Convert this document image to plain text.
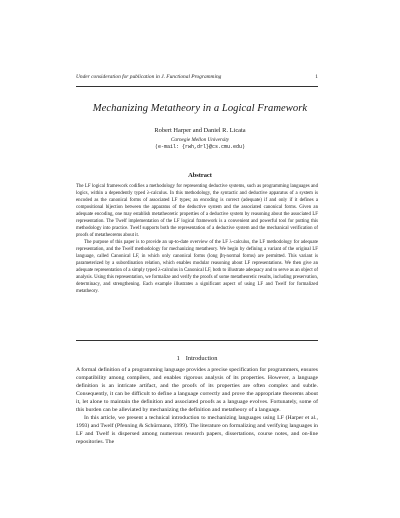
Under consideration for publication in J. Functional Programming	1
Mechanizing Metatheory in a Logical Framework
Robert Harper and Daniel R. Licata
Carnegie Mellon University
(e-mail: {rwh,drl}@cs.cmu.edu)
Abstract

The LF logical framework codifies a methodology for representing deductive systems, such as programming languages and logics, within a dependently typed λ-calculus. In this methodology, the syntactic and deductive apparatus of a system is encoded as the canonical forms of associated LF types; an encoding is correct (adequate) if and only if it defines a compositional bijection between the apparatus of the deductive system and the associated canonical forms. Given an adequate encoding, one may establish metatheoretic properties of a deductive system by reasoning about the associated LF representation. The Twelf implementation of the LF logical framework is a convenient and powerful tool for putting this methodology into practice. Twelf supports both the representation of a deductive system and the mechanical verification of proofs of metatheorems about it.

The purpose of this paper is to provide an up-to-date overview of the LF λ-calculus, the LF methodology for adequate representation, and the Twelf methodology for mechanizing metatheory. We begin by defining a variant of the original LF language, called Canonical LF, in which only canonical forms (long βη-normal forms) are permitted. This variant is parameterized by a subordination relation, which enables modular reasoning about LF representations. We then give an adequate representation of a simply typed λ-calculus in Canonical LF, both to illustrate adequacy and to serve as an object of analysis. Using this representation, we formalize and verify the proofs of some metatheoretic results, including preservation, determinacy, and strengthening. Each example illustrates a significant aspect of using LF and Twelf for formalized metatheory.

1 Introduction

A formal definition of a programming language provides a precise specification for programmers, ensures compatibility among compilers, and enables rigorous analysis of its properties. However, a language definition is an intricate artifact, and the proofs of its properties are often complex and subtle. Consequently, it can be difficult to define a language correctly and prove the appropriate theorems about it, let alone to maintain the definition and associated proofs as a language evolves. Fortunately, some of this burden can be alleviated by mechanizing the definition and metatheory of a language.

In this article, we present a technical introduction to mechanizing languages using LF (Harper et al., 1993) and Twelf (Pfenning & Schürmann, 1999). The literature on formalizing and verifying languages in LF and Twelf is dispersed among numerous research papers, dissertations, course notes, and on-line repositories. The
